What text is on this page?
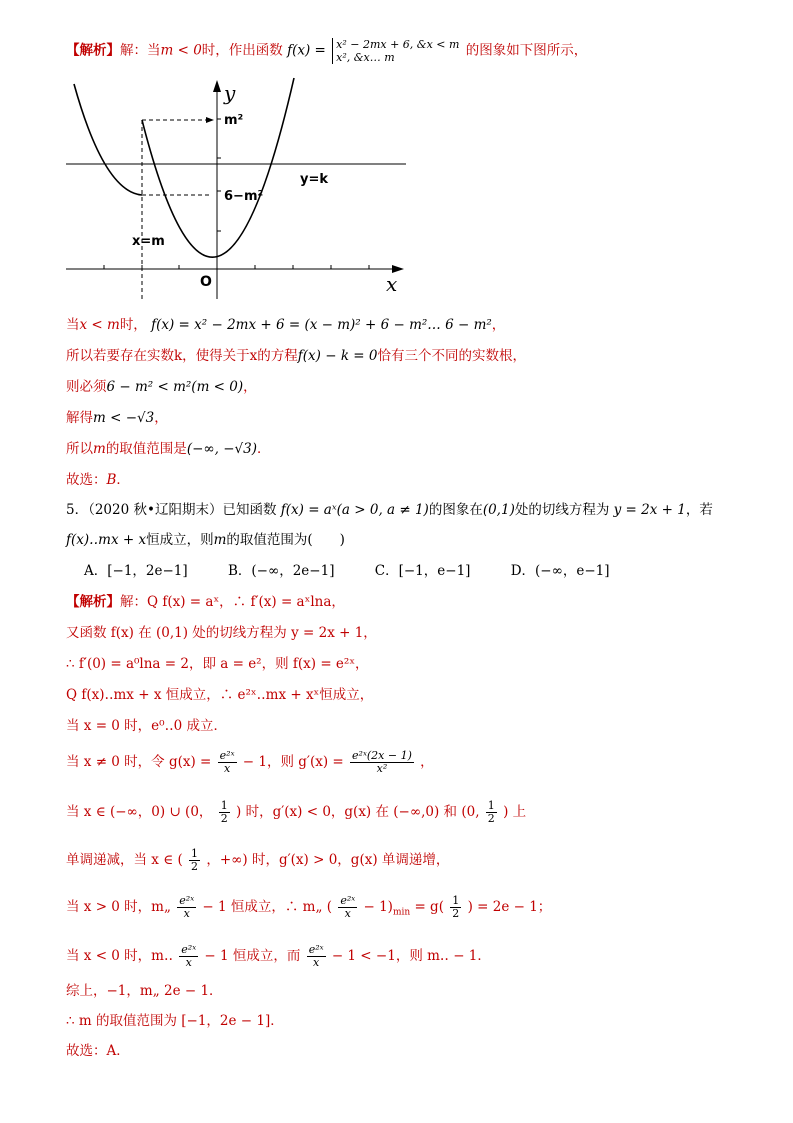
【解析】解：当m < 0时，作出函数 f(x) = x² − 2mx + 6, &x < m
x², &x… m	的图象如下图所示，
y
x
O
m²
6−m²
y=k
x=m
当x < m时， f(x) = x² − 2mx + 6 = (x − m)² + 6 − m²… 6 − m²，
所以若要存在实数k，使得关于x的方程f(x) − k = 0恰有三个不同的实数根，
则必须6 − m² < m²(m < 0)，
解得m < −√3，
所以m的取值范围是(−∞, −√3)．
故选：B．
5．（2020 秋•辽阳期末）已知函数 f(x) = aˣ(a > 0, a ≠ 1)的图象在(0,1)处的切线方程为 y = 2x + 1，若
f(x)‥mx + x恒成立，则m的取值范围为(　　)
A．[−1，2e−1]	B．(−∞，2e−1]	C．[−1，e−1]	D．(−∞，e−1]
【解析】解：Q f(x) = aˣ，∴ f′(x) = aˣlna，
又函数 f(x) 在 (0,1) 处的切线方程为 y = 2x + 1，
∴ f′(0) = a⁰lna = 2，即 a = e²，则 f(x) = e²ˣ，
Q f(x)‥mx + x 恒成立，∴ e²ˣ‥mx + xˣ恒成立，
当 x = 0 时，e⁰‥0 成立．
当 x ≠ 0 时，令 $g(x) = \frac{\text{e²ˣ}}{x} - 1$，则 $g'(x) = \frac{\text{e²ˣ(2x − 1)}}{\text{x²}}$ ，
当 x ∈ (−∞，0) ∪ (0， $\frac{1}{2}$ ) 时，g′(x) < 0，g(x) 在 (−∞,0) 和 (0, $\frac{1}{2}$ ) 上
单调递减，当 x ∈ ( $\frac{1}{2}$ ，+∞) 时，g′(x) > 0，g(x) 单调递增，
当 x > 0 时，m„ $\frac{\text{e²ˣ}}{x} - 1$ 恒成立，∴ m„ ( $\frac{\text{e²ˣ}}{x} - 1)_{min} = g( \frac{1}{2}$ ) = 2e − 1；
当 x < 0 时，m‥ $\frac{\text{e²ˣ}}{x} - 1$ 恒成立，而 $\frac{\text{e²ˣ}}{x} - 1 < -1$，则 m‥ − 1．
综上，−1，m„ 2e − 1．
∴ m 的取值范围为 [−1，2e − 1]．
故选：A．
